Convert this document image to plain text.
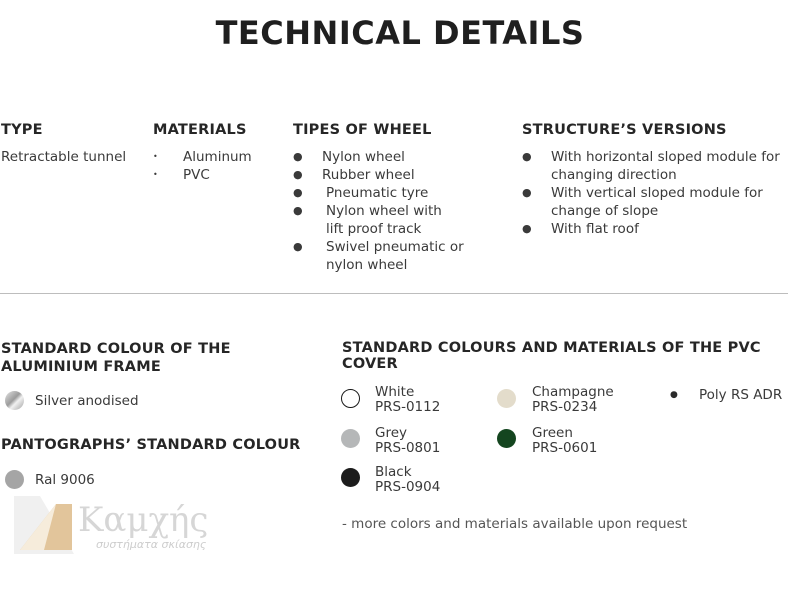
TECHNICAL DETAILS
TYPE
Retractable tunnel
MATERIALS
•	Aluminum
•	PVC
TIPES OF WHEEL
●	Nylon wheel
●	Rubber wheel
●	Pneumatic tyre
●	Nylon wheel with
lift proof track
●	Swivel pneumatic or
nylon wheel
STRUCTURE’S VERSIONS
●	With horizontal sloped module for
changing direction
●	With vertical sloped module for
change of slope
●	With flat roof
STANDARD COLOUR OF THE
ALUMINIUM FRAME
Silver anodised
PANTOGRAPHS’ STANDARD COLOUR
Ral 9006
STANDARD COLOURS AND MATERIALS OF THE PVC COVER
White
PRS-0112
Grey
PRS-0801
Black
PRS-0904
Champagne
PRS-0234
Green
PRS-0601
● Poly RS ADR
- more colors and materials available upon request
Καμχής
συστήματα σκίασης
